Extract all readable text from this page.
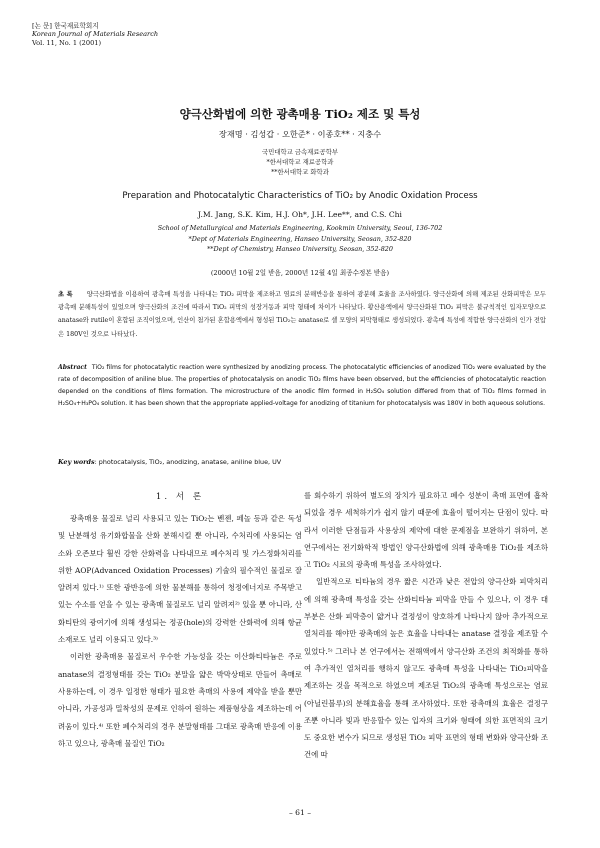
[논 문] 한국재료학회지
Korean Journal of Materials Research
Vol. 11, No. 1 (2001)
양극산화법에 의한 광촉매용 TiO₂ 제조 및 특성
장재명 · 김성갑 · 오한준* · 이종호** · 지충수
국민대학교 금속재료공학부
*한서대학교 재료공학과
**한서대학교 화학과
Preparation and Photocatalytic Characteristics of TiO₂ by Anodic Oxidation Process
J.M. Jang, S.K. Kim, H.J. Oh*, J.H. Lee**, and C.S. Chi
School of Metallurgical and Materials Engineering, Kookmin University, Seoul, 136-702
*Dept of Materials Engineering, Hanseo University, Seosan, 352-820
**Dept of Chemistry, Hanseo University, Seosan, 352-820
(2000년 10월 2일 받음, 2000년 12월 4일 최종수정본 받음)
초 록 양극산화법을 이용하여 광촉매 특성을 나타내는 TiO₂ 피막을 제조하고 염료의 분해반응을 통하여 광분해 효율을 조사하였다. 양극산화에 의해 제조된 산화피막은 모두 광촉매 분해특성이 있었으며 양극산화의 조건에 따라서 TiO₂ 피막의 성장거동과 피막 형태에 차이가 나타났다. 황산용액에서 양극산화된 TiO₂ 피막은 불규칙적인 입자모양으로 anatase와 rutile이 혼합된 조직이었으며, 인산이 첨가된 혼합용액에서 형성된 TiO₂는 anatase로 셀 모양의 피막형태로 생성되었다. 광촉매 특성에 적합한 양극산화의 인가 전압은 180V인 것으로 나타났다.
Abstract TiO₂ films for photocatalytic reaction were synthesized by anodizing process. The photocatalytic efficiencies of anodized TiO₂ were evaluated by the rate of decomposition of aniline blue. The properties of photocatalysis on anodic TiO₂ films have been observed, but the efficiencies of photocatalytic reaction depended on the conditions of films formation. The microstructure of the anodic film formed in H₂SO₄ solution differed from that of TiO₂ films formed in H₂SO₄+H₃PO₄ solution. It has been shown that the appropriate applied-voltage for anodizing of titanium for photocatalysis was 180V in both aqueous solutions.
Key words: photocatalysis, TiO₂, anodizing, anatase, aniline blue, UV
1. 서 론

광촉매용 물질로 널리 사용되고 있는 TiO₂는 벤젠, 페놀 등과 같은 독성 및 난분해성 유기화합물을 산화 분해시킬 뿐 아니라, 수처리에 사용되는 염소와 오존보다 훨씬 강한 산화력을 나타내므로 폐수처리 및 가스정화처리를 위한 AOP(Advanced Oxidation Processes) 기술의 필수적인 물질로 잘 알려져 있다.¹⁾ 또한 광반응에 의한 물분해를 통하여 청정에너지로 주목받고 있는 수소를 얻을 수 있는 광촉매 물질로도 널리 알려져²⁾ 있을 뿐 아니라, 산화티탄의 광여기에 의해 생성되는 정공(hole)의 강력한 산화력에 의해 항균소재로도 널리 이용되고 있다.³⁾

이러한 광촉매용 물질로서 우수한 가능성을 갖는 이산화티타늄은 주로 anatase의 결정형태를 갖는 TiO₂ 분말을 얇은 박막상태로 만들어 촉매로 사용하는데, 이 경우 일정한 형태가 필요한 촉매의 사용에 제약을 받을 뿐만 아니라, 가공성과 밀착성의 문제로 인하여 원하는 제품형상을 제조하는데 어려움이 있다.⁴⁾ 또한 폐수처리의 경우 분말형태를 그대로 광촉매 반응에 이용하고 있으나, 광촉매 물질인 TiO₂

를 회수하기 위하여 별도의 장치가 필요하고 폐수 성분이 촉매 표면에 흡착되었을 경우 세척하기가 쉽지 않기 때문에 효율이 떨어지는 단점이 있다. 따라서 이러한 단점들과 사용상의 제약에 대한 문제점을 보완하기 위하여, 본 연구에서는 전기화학적 방법인 양극산화법에 의해 광촉매용 TiO₂를 제조하고 TiO₂ 시료의 광촉매 특성을 조사하였다.

일반적으로 티타늄의 경우 짧은 시간과 낮은 전압의 양극산화 피막처리에 의해 광촉매 특성을 갖는 산화티타늄 피막을 만들 수 있으나, 이 경우 대부분은 산화 피막층이 얇거나 결정성이 양호하게 나타나지 않아 추가적으로 열처리를 해야만 광촉매의 높은 효율을 나타내는 anatase 결정을 제조할 수 있었다.⁵⁾ 그러나 본 연구에서는 전해액에서 양극산화 조건의 최적화를 통하여 추가적인 열처리를 행하지 않고도 광촉매 특성을 나타내는 TiO₂피막을 제조하는 것을 목적으로 하였으며 제조된 TiO₂의 광촉매 특성으로는 염료(아닐린블루)의 분해효율을 통해 조사하였다. 또한 광촉매의 효율은 결정구조뿐 아니라 빛과 반응할수 있는 입자의 크기와 형태에 의한 표면적의 크기도 중요한 변수가 되므로 생성된 TiO₂ 피막 표면의 형태 변화와 양극산화 조건에 따

– 61 –
